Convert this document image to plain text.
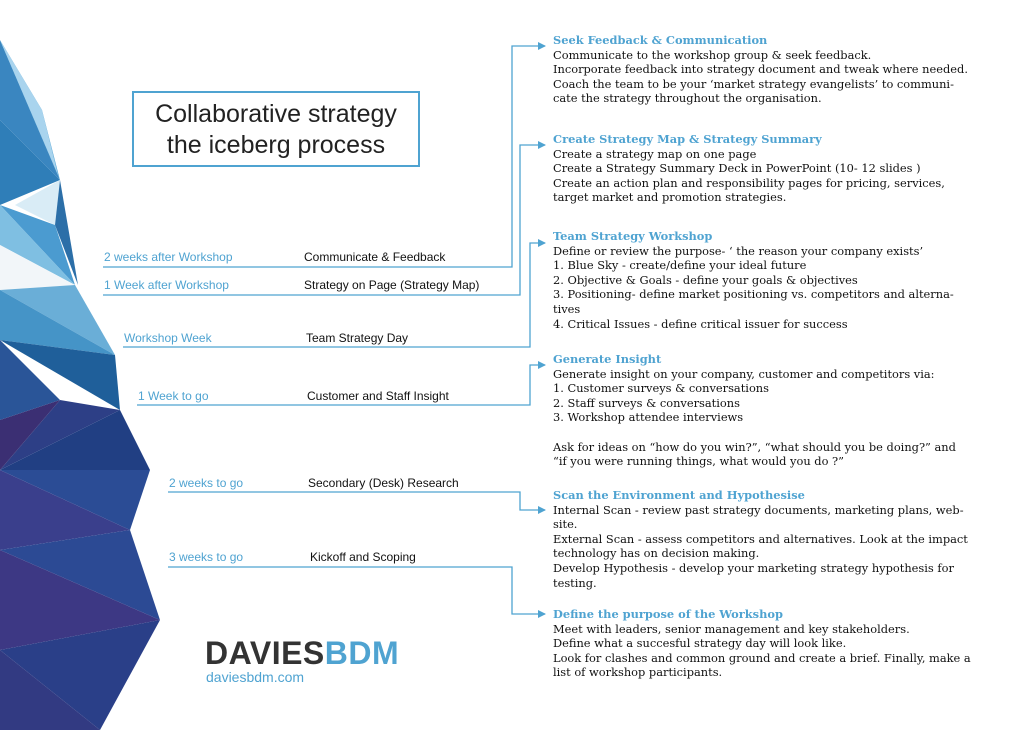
Collaborative strategy
the iceberg process
2 weeks after Workshop	Communicate & Feedback
1 Week after Workshop	Strategy on Page (Strategy Map)
Workshop Week	Team Strategy Day
1 Week to go	Customer and Staff Insight
2 weeks to go	Secondary (Desk) Research
3 weeks to go	Kickoff and Scoping
Seek Feedback & Communication
Communicate to the workshop group & seek feedback.
Incorporate feedback into strategy document and tweak where needed.
Coach the team to be your ‘market strategy evangelists’ to communi-
cate the strategy throughout the organisation.
Create Strategy Map & Strategy Summary
Create a strategy map on one page
Create a Strategy Summary Deck in PowerPoint (10- 12 slides )
Create an action plan and responsibility pages for pricing, services,
target market and promotion strategies.
Team Strategy Workshop
Define or review the purpose- ‘ the reason your company exists’
1. Blue Sky - create/define your ideal future
2. Objective & Goals - define your goals & objectives
3. Positioning- define market positioning vs. competitors and alterna-
tives
4. Critical Issues - define critical issuer for success
Generate Insight
Generate insight on your company, customer and competitors via:
1. Customer surveys & conversations
2. Staff surveys & conversations
3. Workshop attendee interviews
Ask for ideas on “how do you win?”, “what should you be doing?” and
“if you were running things, what would you do ?”
Scan the Environment and Hypothesise
Internal Scan - review past strategy documents, marketing plans, web-
site.
External Scan - assess competitors and alternatives. Look at the impact
technology has on decision making.
Develop Hypothesis - develop your marketing strategy hypothesis for
testing.
Define the purpose of the Workshop
Meet with leaders, senior management and key stakeholders.
Define what a succesful strategy day will look like.
Look for clashes and common ground and create a brief. Finally, make a
list of workshop participants.
DAVIESBDM
daviesbdm.com
